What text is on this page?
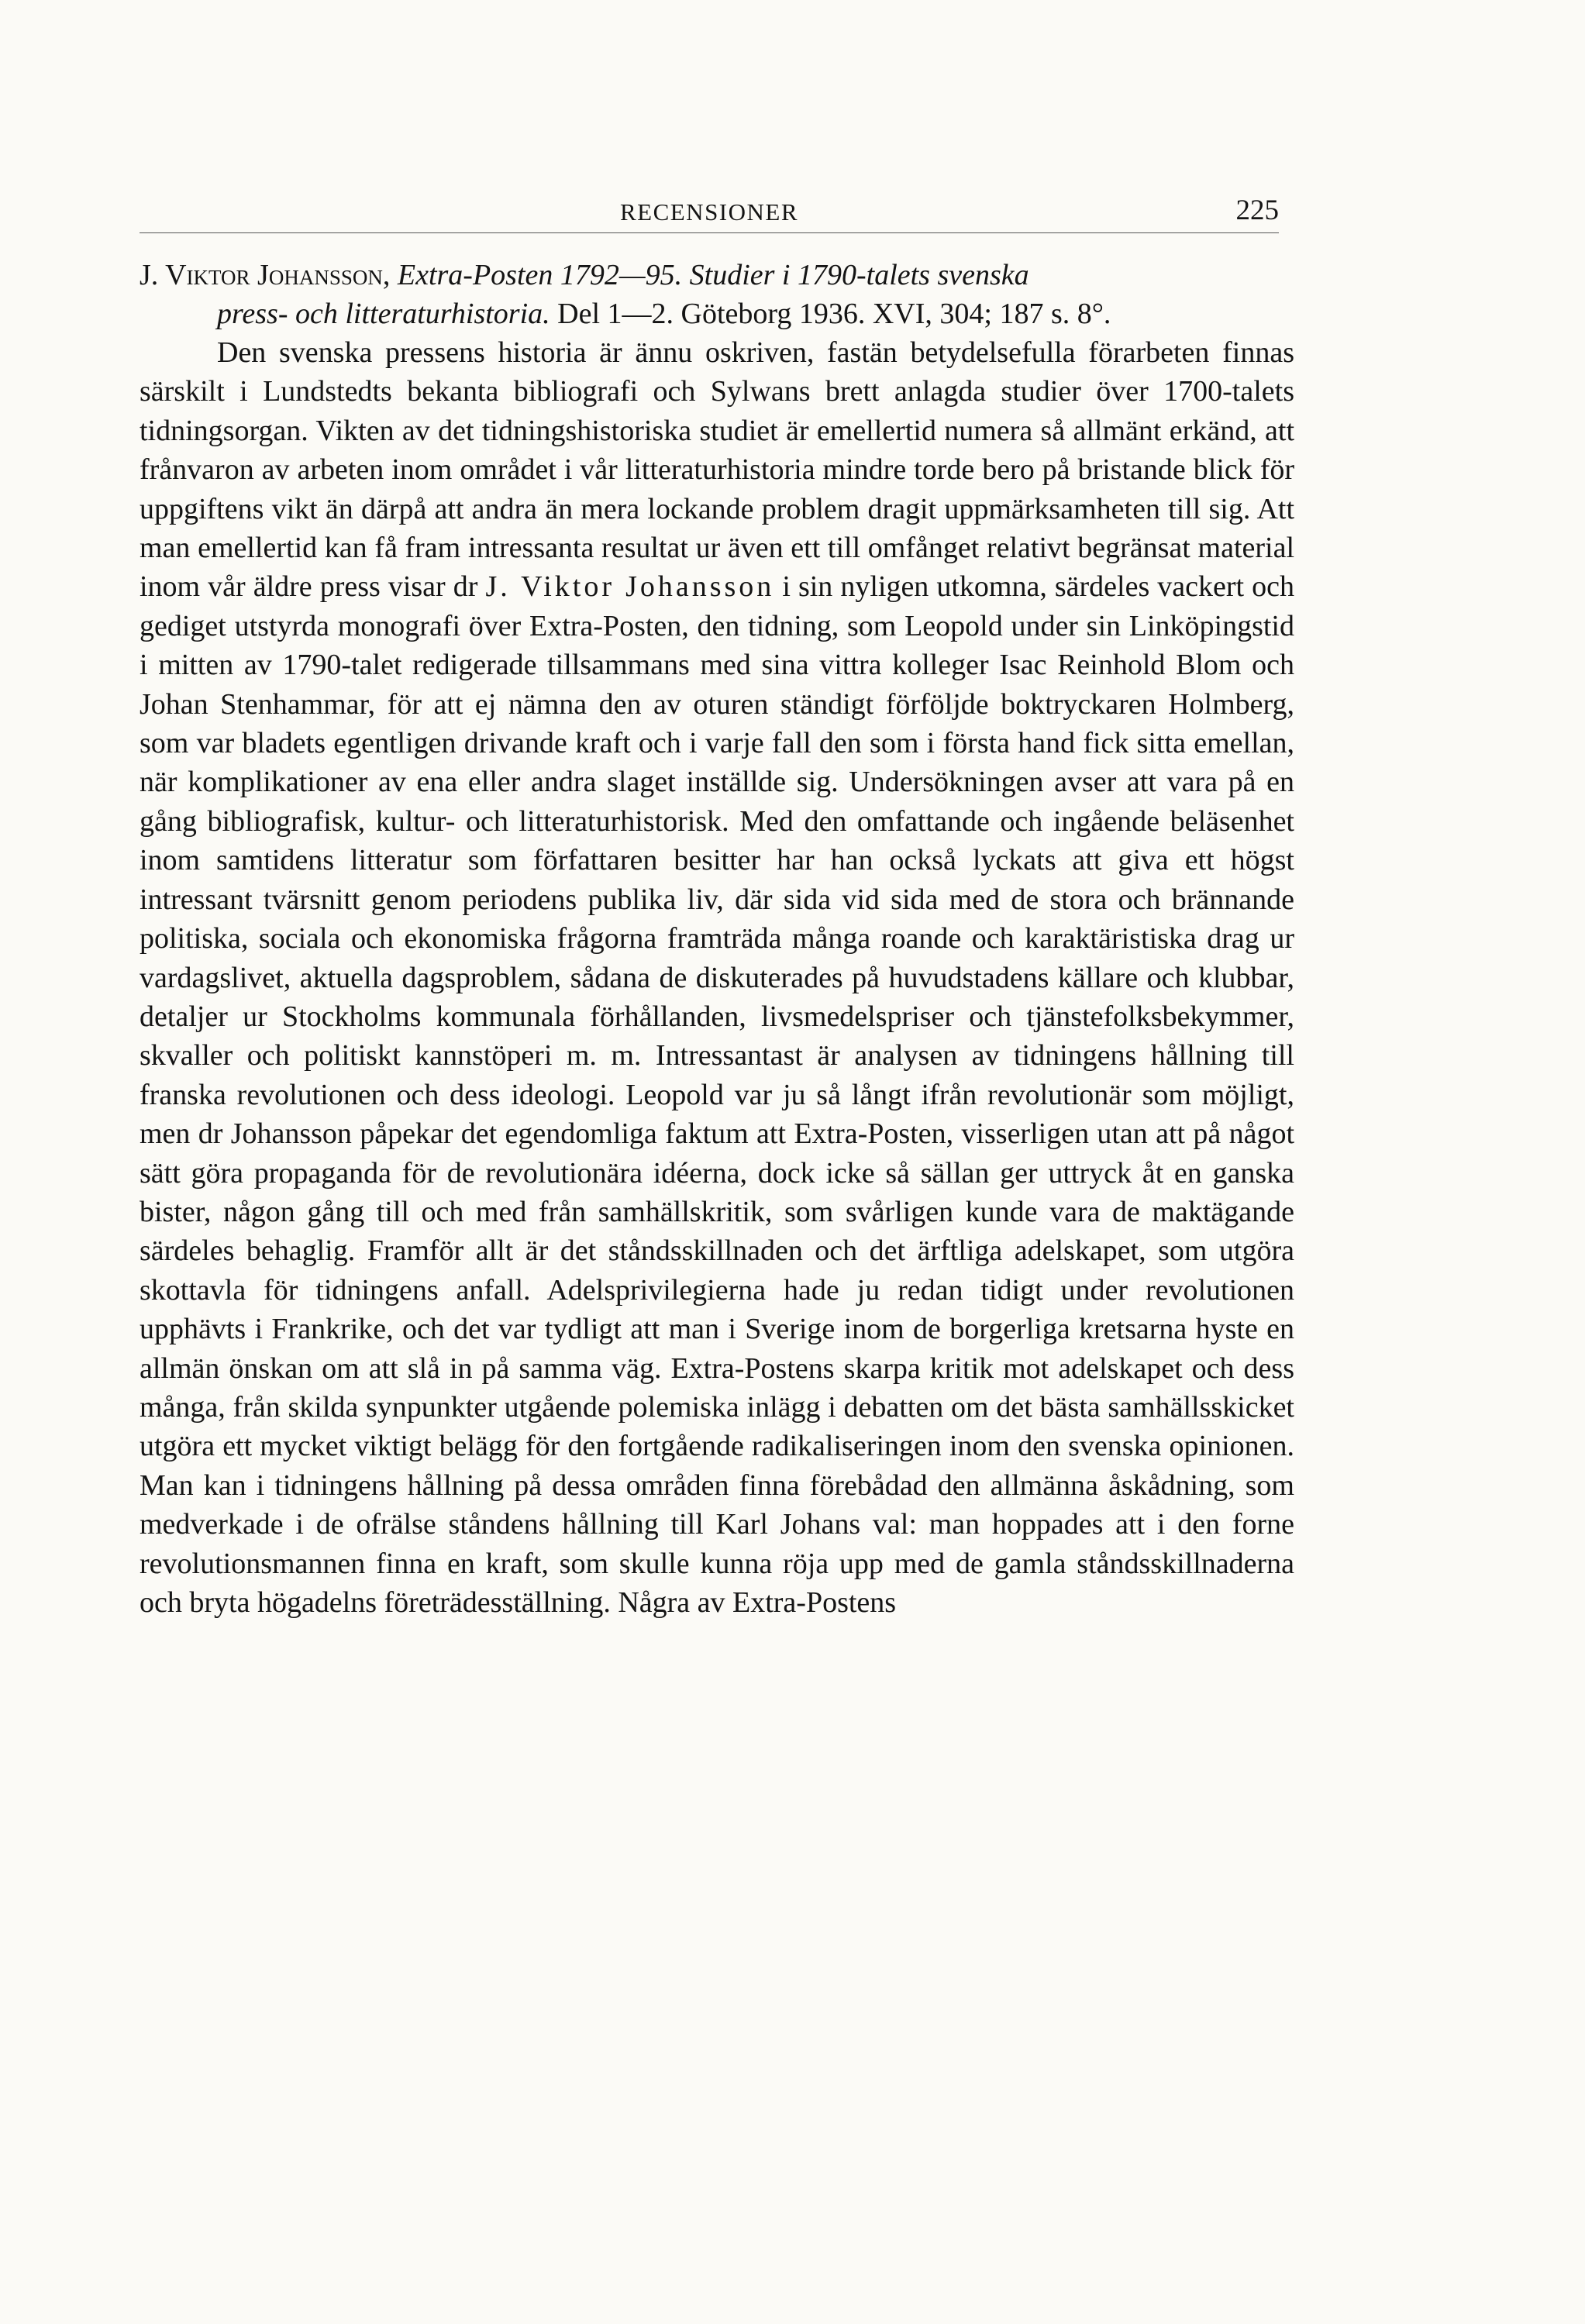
RECENSIONER	225
J. Viktor Johansson, Extra-Posten 1792—95. Studier i 1790-talets svenska
press- och litteraturhistoria. Del 1—2. Göteborg 1936. XVI, 304; 187 s. 8°.

Den svenska pressens historia är ännu oskriven, fastän betydelsefulla förarbeten finnas särskilt i Lundstedts bekanta bibliografi och Sylwans brett anlagda studier över 1700-talets tidningsorgan. Vikten av det tidningshistoriska studiet är emellertid numera så allmänt erkänd, att frånvaron av arbeten inom området i vår litteraturhistoria mindre torde bero på bristande blick för uppgiftens vikt än därpå att andra än mera lockande problem dragit uppmärksamheten till sig. Att man emellertid kan få fram intressanta resultat ur även ett till omfånget relativt begränsat material inom vår äldre press visar dr J. Viktor Johansson i sin nyligen utkomna, särdeles vackert och gediget utstyrda monografi över Extra-Posten, den tidning, som Leopold under sin Linköpingstid i mitten av 1790-talet redigerade tillsammans med sina vittra kolleger Isac Reinhold Blom och Johan Stenhammar, för att ej nämna den av oturen ständigt förföljde boktryckaren Holmberg, som var bladets egentligen drivande kraft och i varje fall den som i första hand fick sitta emellan, när komplikationer av ena eller andra slaget inställde sig. Undersökningen avser att vara på en gång bibliografisk, kultur- och litteraturhistorisk. Med den omfattande och ingående beläsenhet inom samtidens litteratur som författaren besitter har han också lyckats att giva ett högst intressant tvärsnitt genom periodens publika liv, där sida vid sida med de stora och brännande politiska, sociala och ekonomiska frågorna framträda många roande och karaktäristiska drag ur vardagslivet, aktuella dagsproblem, sådana de diskuterades på huvudstadens källare och klubbar, detaljer ur Stockholms kommunala förhållanden, livsmedelspriser och tjänstefolksbekymmer, skvaller och politiskt kannstöperi m. m. Intressantast är analysen av tidningens hållning till franska revolutionen och dess ideologi. Leopold var ju så långt ifrån revolutionär som möjligt, men dr Johansson påpekar det egendomliga faktum att Extra-Posten, visserligen utan att på något sätt göra propaganda för de revolutionära idéerna, dock icke så sällan ger uttryck åt en ganska bister, någon gång till och med från samhällskritik, som svårligen kunde vara de maktägande särdeles behaglig. Framför allt är det ståndsskillnaden och det ärftliga adelskapet, som utgöra skottavla för tidningens anfall. Adelsprivilegierna hade ju redan tidigt under revolutionen upphävts i Frankrike, och det var tydligt att man i Sverige inom de borgerliga kretsarna hyste en allmän önskan om att slå in på samma väg. Extra-Postens skarpa kritik mot adelskapet och dess många, från skilda synpunkter utgående polemiska inlägg i debatten om det bästa samhällsskicket utgöra ett mycket viktigt belägg för den fortgående radikaliseringen inom den svenska opinionen. Man kan i tidningens hållning på dessa områden finna förebådad den allmänna åskådning, som medverkade i de ofrälse ståndens hållning till Karl Johans val: man hoppades att i den forne revolutionsmannen finna en kraft, som skulle kunna röja upp med de gamla ståndsskillnaderna och bryta högadelns företrädesställning. Några av Extra-Postens
